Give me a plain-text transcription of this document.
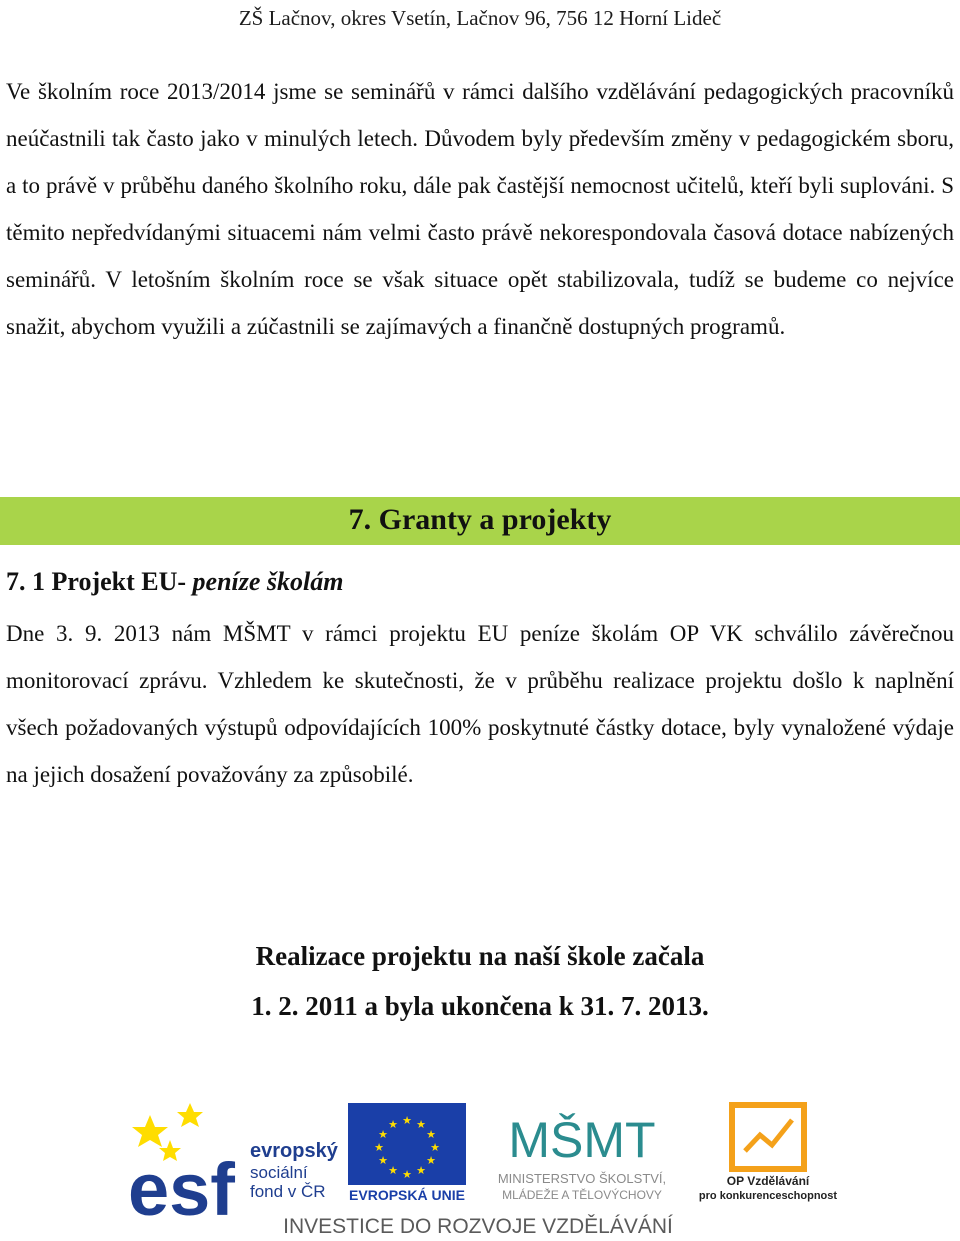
ZŠ Lačnov, okres Vsetín, Lačnov 96, 756 12 Horní Lideč
Ve školním roce 2013/2014 jsme se seminářů v rámci dalšího vzdělávání pedagogických pracovníků neúčastnili tak často jako v minulých letech. Důvodem byly především změny v pedagogickém sboru, a to právě v průběhu daného školního roku, dále pak častější nemocnost učitelů, kteří byli suplováni. S těmito nepředvídanými situacemi nám velmi často právě nekorespondovala časová dotace nabízených seminářů. V letošním školním roce se však situace opět stabilizovala, tudíž se budeme co nejvíce snažit, abychom využili a zúčastnili se zajímavých a finančně dostupných programů.
7. Granty a projekty
7. 1 Projekt EU- peníze školám
Dne 3. 9. 2013 nám MŠMT v rámci projektu EU peníze školám OP VK schválilo závěrečnou monitorovací zprávu. Vzhledem ke skutečnosti, že v průběhu realizace projektu došlo k naplnění všech požadovaných výstupů odpovídajících 100% poskytnuté částky dotace, byly vynaložené výdaje na jejich dosažení považovány za způsobilé.
Realizace projektu na naší škole začala
1. 2. 2011 a byla ukončena k 31. 7. 2013.
esf evropský
sociální
fond v ČR
★ ★
★
★
★
★
★
★
★
★
★
★
EVROPSKÁ UNIE
MŠMT
MINISTERSTVO ŠKOLSTVÍ,
MLÁDEŽE A TĚLOVÝCHOVY
OP Vzdělávání
pro konkurenceschopnost
INVESTICE DO ROZVOJE VZDĚLÁVÁNÍ
